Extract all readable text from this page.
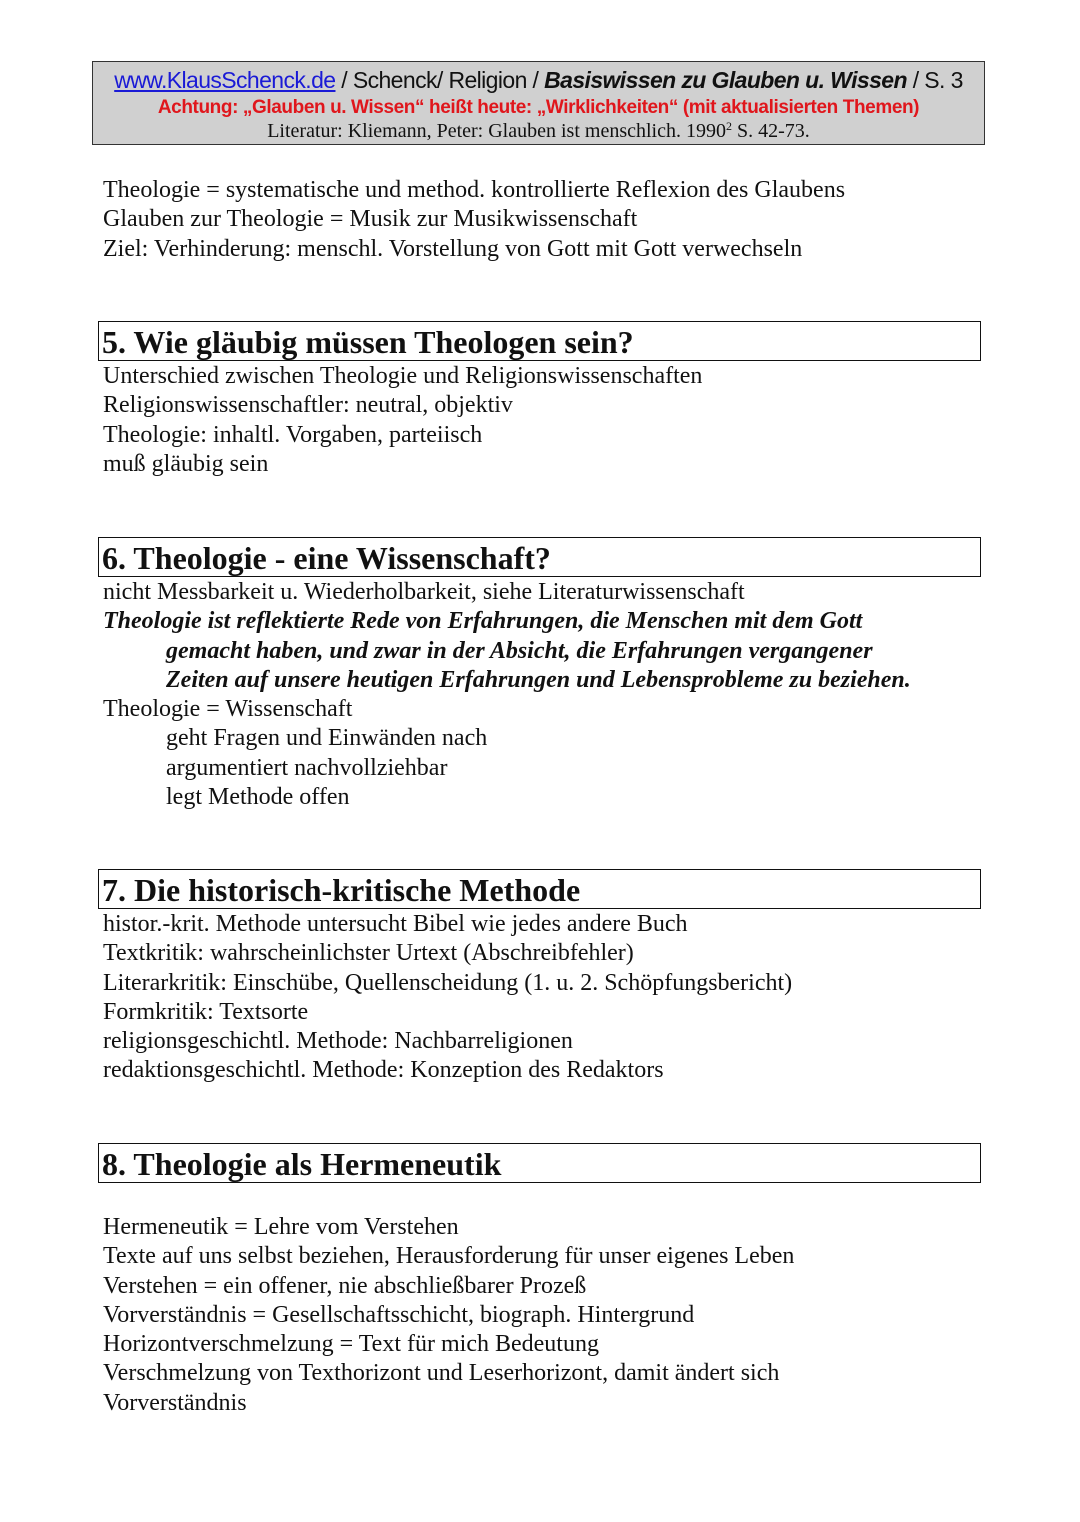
www.KlausSchenck.de / Schenck/ Religion / Basiswissen zu Glauben u. Wissen / S. 3
Achtung: „Glauben u. Wissen“ heißt heute: „Wirklichkeiten“ (mit aktualisierten Themen)
Literatur: Kliemann, Peter: Glauben ist menschlich. 1990$^2$ S. 42-73.
Theologie = systematische und method. kontrollierte Reflexion des Glaubens
Glauben zur Theologie = Musik zur Musikwissenschaft
Ziel: Verhinderung: menschl. Vorstellung von Gott mit Gott verwechseln
5. Wie gläubig müssen Theologen sein?
Unterschied zwischen Theologie und Religionswissenschaften
Religionswissenschaftler: neutral, objektiv
Theologie: inhaltl. Vorgaben, parteiisch
muß gläubig sein
6. Theologie - eine Wissenschaft?
nicht Messbarkeit u. Wiederholbarkeit, siehe Literaturwissenschaft
Theologie ist reflektierte Rede von Erfahrungen, die Menschen mit dem Gott
gemacht haben, und zwar in der Absicht, die Erfahrungen vergangener
Zeiten auf unsere heutigen Erfahrungen und Lebensprobleme zu beziehen.
Theologie = Wissenschaft
geht Fragen und Einwänden nach
argumentiert nachvollziehbar
legt Methode offen
7. Die historisch-kritische Methode
histor.-krit. Methode untersucht Bibel wie jedes andere Buch
Textkritik: wahrscheinlichster Urtext (Abschreibfehler)
Literarkritik: Einschübe, Quellenscheidung (1. u. 2. Schöpfungsbericht)
Formkritik: Textsorte
religionsgeschichtl. Methode: Nachbarreligionen
redaktionsgeschichtl. Methode: Konzeption des Redaktors
8. Theologie als Hermeneutik
Hermeneutik = Lehre vom Verstehen
Texte auf uns selbst beziehen, Herausforderung für unser eigenes Leben
Verstehen = ein offener, nie abschließbarer Prozeß
Vorverständnis = Gesellschaftsschicht, biograph. Hintergrund
Horizontverschmelzung = Text für mich Bedeutung
Verschmelzung von Texthorizont und Leserhorizont, damit ändert sich
Vorverständnis
